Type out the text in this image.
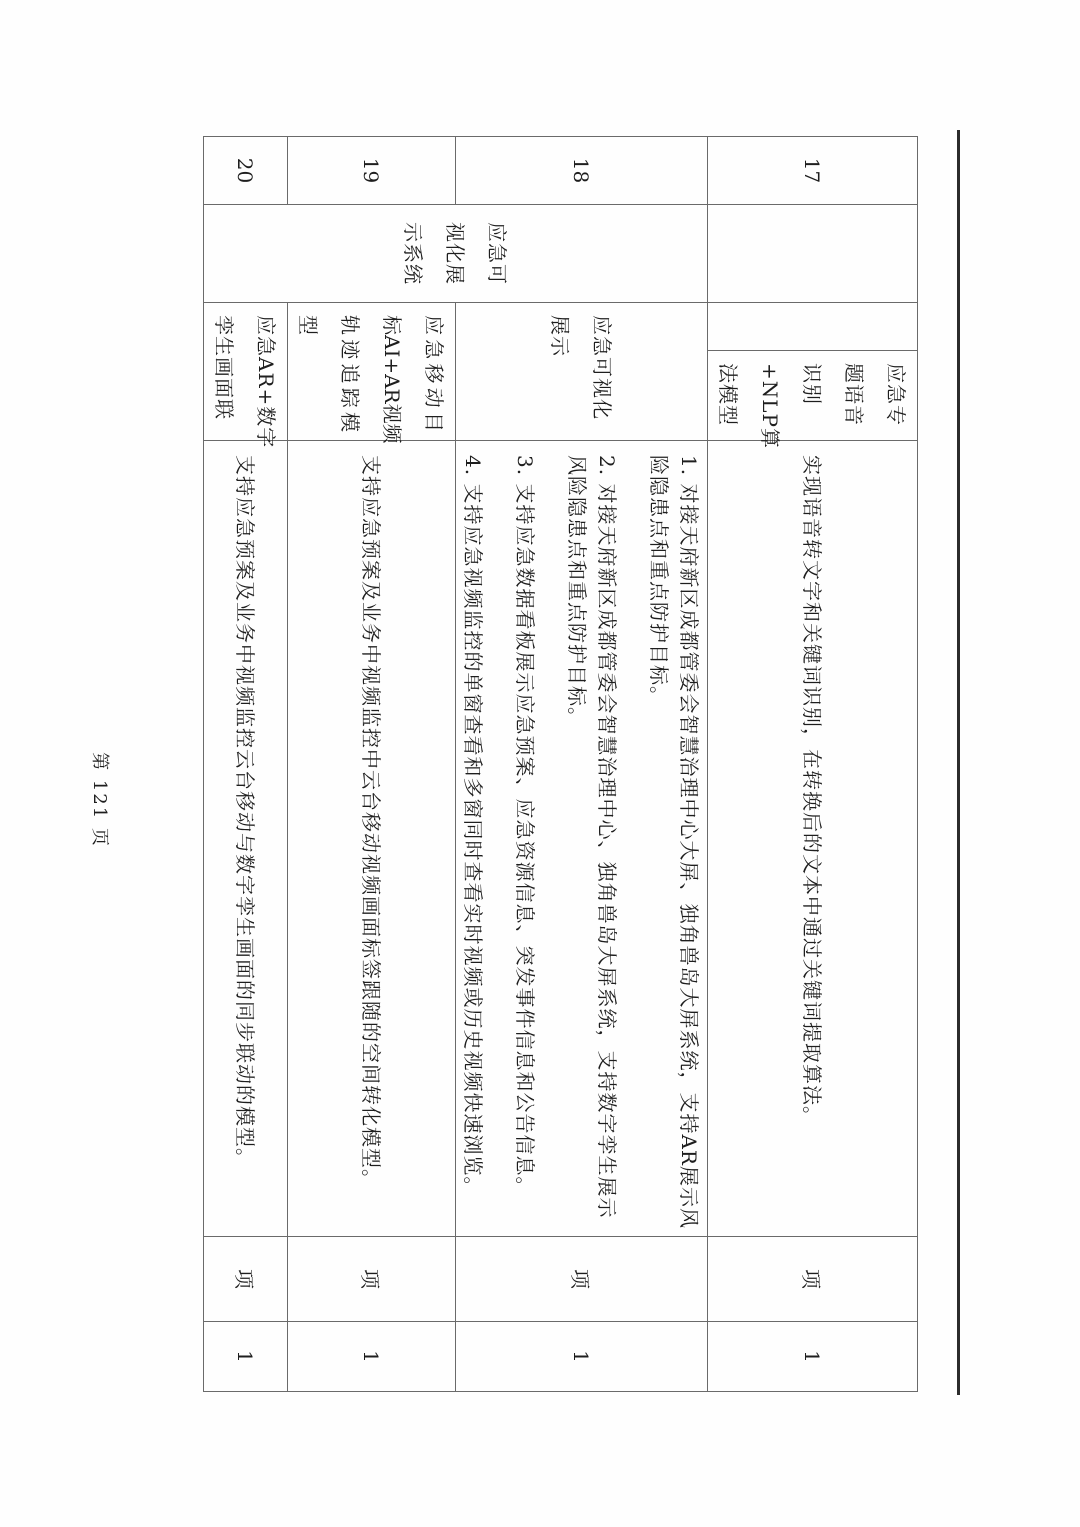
17
应急专
题语音
识别
+NLP算
法模型
实现语音转文字和关键词识别，在转换后的文本中通过关键词提取算法。
项
1
应急可
视化展
示系统
18
应急可视化
展示
1. 对接天府新区成都管委会智慧治理中心大屏、独角兽岛大屏系统，支持AR展示风
险隐患点和重点防护目标。
2. 对接天府新区成都管委会智慧治理中心、独角兽岛大屏系统，支持数字孪生展示
风险隐患点和重点防护目标。
3. 支持应急数据看板展示应急预案、应急资源信息、突发事件信息和公告信息。
4. 支持应急视频监控的单窗查看和多窗同时查看实时视频或历史视频快速浏览。
项
1
19
应急移动目
标AI+AR视频
轨迹追踪模
型
支持应急预案及业务中视频监控中云台移动视频画面标签跟随的空间转化模型。
项
1
20
应急AR+数字
孪生画面联
支持应急预案及业务中视频监控云台移动与数字孪生画面的同步联动的模型。
项
1
第 121 页
